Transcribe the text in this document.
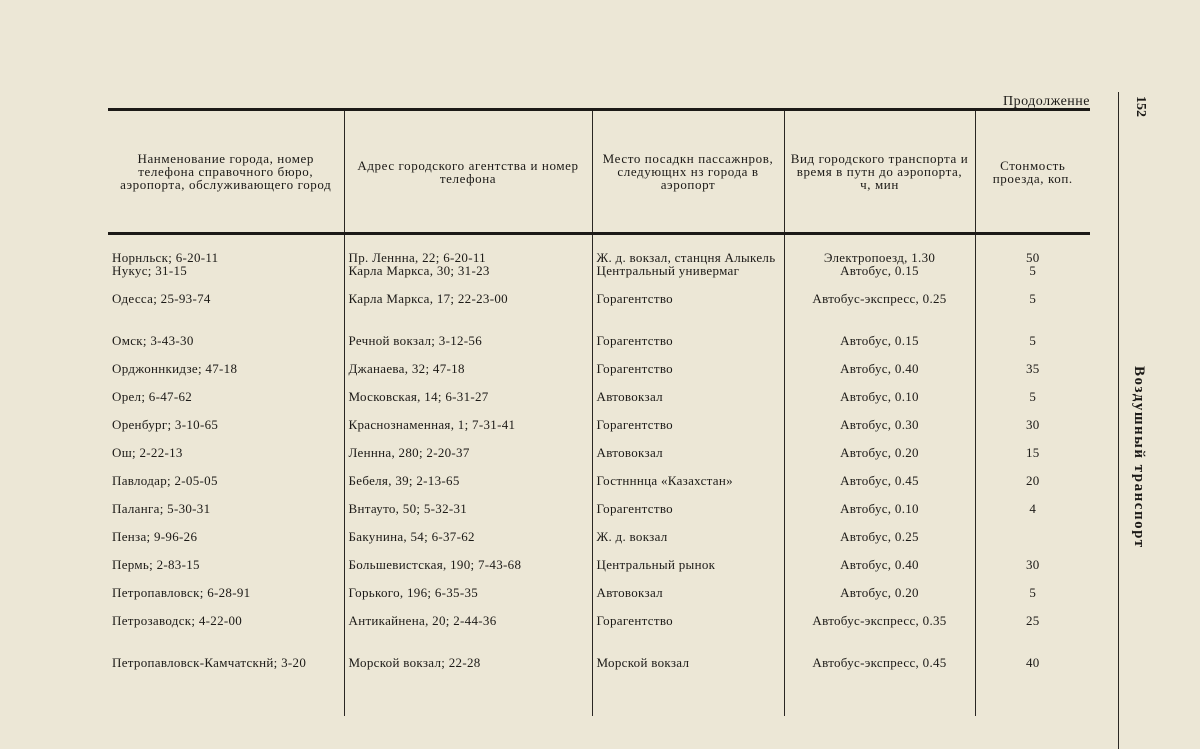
Продолженне	152
Воздушный транспорт
Нанменование города, номер телефона справочного бюро, аэропорта, обслуживающего город	Адрес городского агентства и номер телефона	Место посадкн пассажнров, следующнх нз города в аэропорт	Вид городского транспорта и время в путн до аэропорта, ч, мин	Стонмость проезда, коп.

Норнльск; 6-20-11	Пр. Леннна, 22; 6-20-11	Ж. д. вокзал, станцня Алыкель	Электропоезд, 1.30	50

Нукус; 31-15	Карла Маркса, 30; 31-23	Центральный универмаг	Автобус, 0.15	5

Одесса; 25-93-74	Карла Маркса, 17; 22-23-00	Горагентство	Автобус-экспресс, 0.25	5

Омск; 3-43-30	Речной вокзал; 3-12-56	Горагентство	Автобус, 0.15	5

Орджоннкидзе; 47-18	Джанаева, 32; 47-18	Горагентство	Автобус, 0.40	35

Орел; 6-47-62	Московская, 14; 6-31-27	Автовокзал	Автобус, 0.10	5

Оренбург; 3-10-65	Краснознаменная, 1; 7-31-41	Горагентство	Автобус, 0.30	30

Ош; 2-22-13	Леннна, 280; 2-20-37	Автовокзал	Автобус, 0.20	15

Павлодар; 2-05-05	Бебеля, 39; 2-13-65	Гостнннца «Казахстан»	Автобус, 0.45	20

Паланга; 5-30-31	Внтауто, 50; 5-32-31	Горагентство	Автобус, 0.10	4

Пенза; 9-96-26	Бакунина, 54; 6-37-62	Ж. д. вокзал	Автобус, 0.25	

Пермь; 2-83-15	Большевистская, 190; 7-43-68	Центральный рынок	Автобус, 0.40	30

Петропавловск; 6-28-91	Горького, 196; 6-35-35	Автовокзал	Автобус, 0.20	5

Петрозаводск; 4-22-00	Антикайнена, 20; 2-44-36	Горагентство	Автобус-экспресс, 0.35	25

Петропавловск-Камчатскнй; 3-20	Морской вокзал; 22-28	Морской вокзал	Автобус-экспресс, 0.45	40
